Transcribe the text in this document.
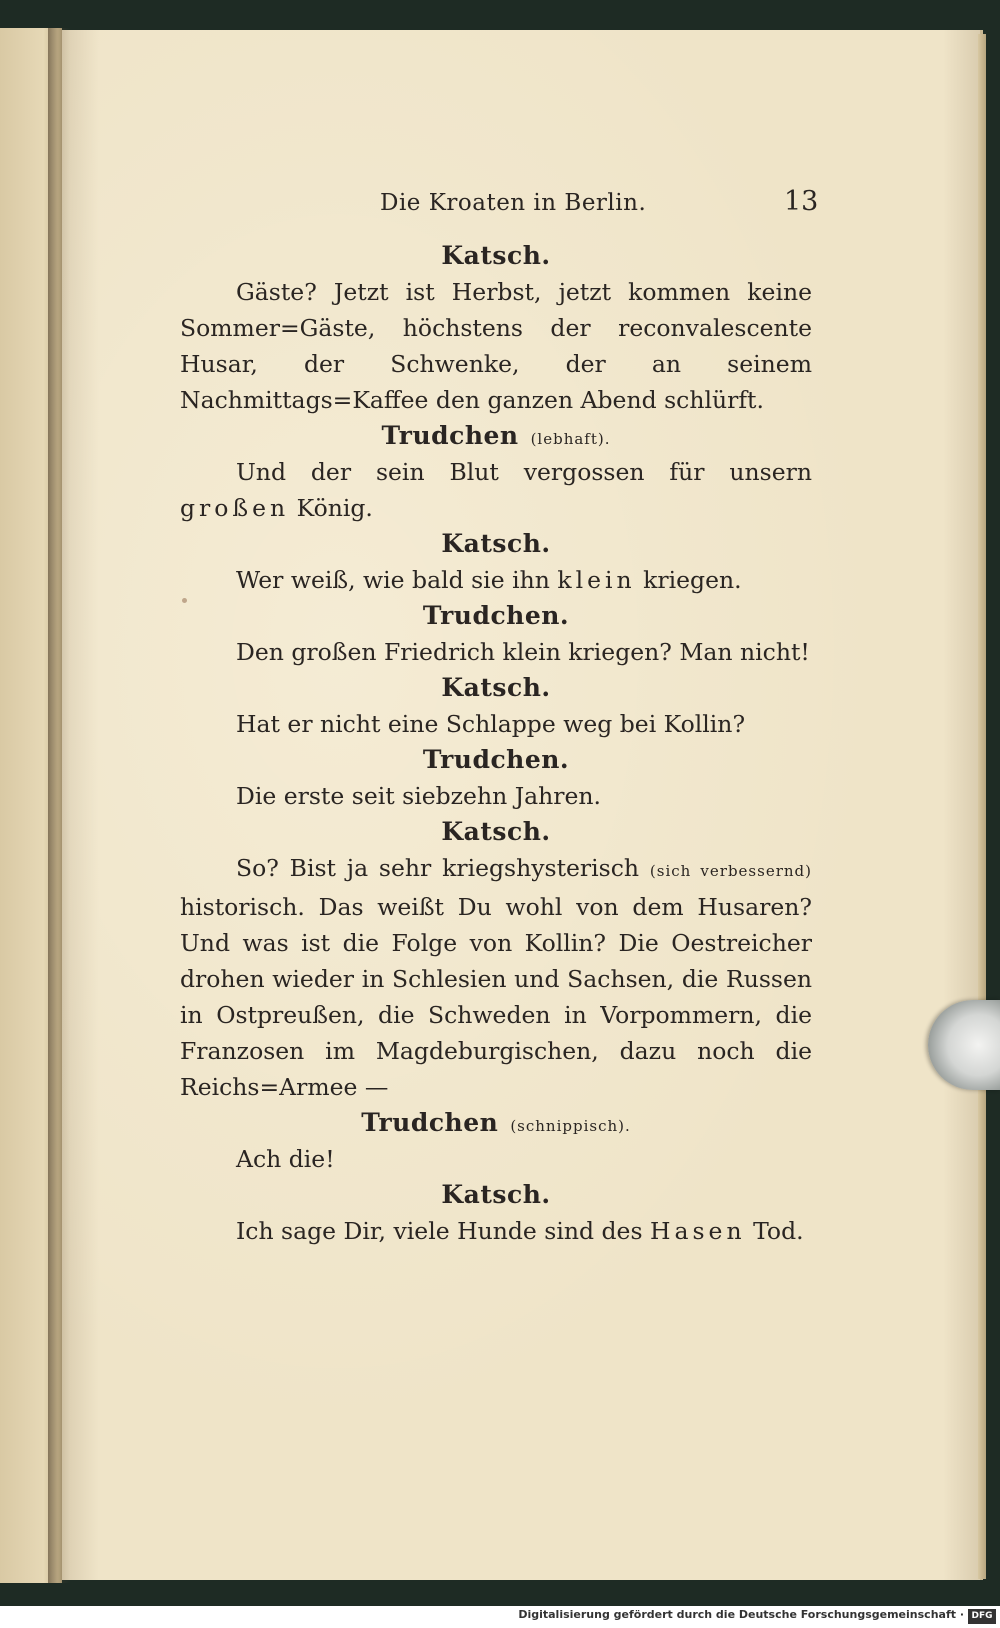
Die Kroaten in Berlin.	13
Katsch.

Gäste? Jetzt ist Herbst, jetzt kommen keine Sommer=Gäste, höchstens der reconvalescente Husar, der Schwenke, der an seinem Nachmittags=Kaffee den ganzen Abend schlürft.

Trudchen (lebhaft).

Und der sein Blut vergossen für unsern großen König.

Katsch.

Wer weiß, wie bald sie ihn klein kriegen.

Trudchen.

Den großen Friedrich klein kriegen? Man nicht!

Katsch.

Hat er nicht eine Schlappe weg bei Kollin?

Trudchen.

Die erste seit siebzehn Jahren.

Katsch.

So? Bist ja sehr kriegshysterisch (sich verbessernd) historisch. Das weißt Du wohl von dem Husaren? Und was ist die Folge von Kollin? Die Oestreicher drohen wieder in Schlesien und Sachsen, die Russen in Ostpreußen, die Schweden in Vorpommern, die Franzosen im Magdeburgischen, dazu noch die Reichs=Armee —

Trudchen (schnippisch).

Ach die!

Katsch.

Ich sage Dir, viele Hunde sind des Hasen Tod.

Digitalisierung gefördert durch die Deutsche Forschungsgemeinschaft · DFG
